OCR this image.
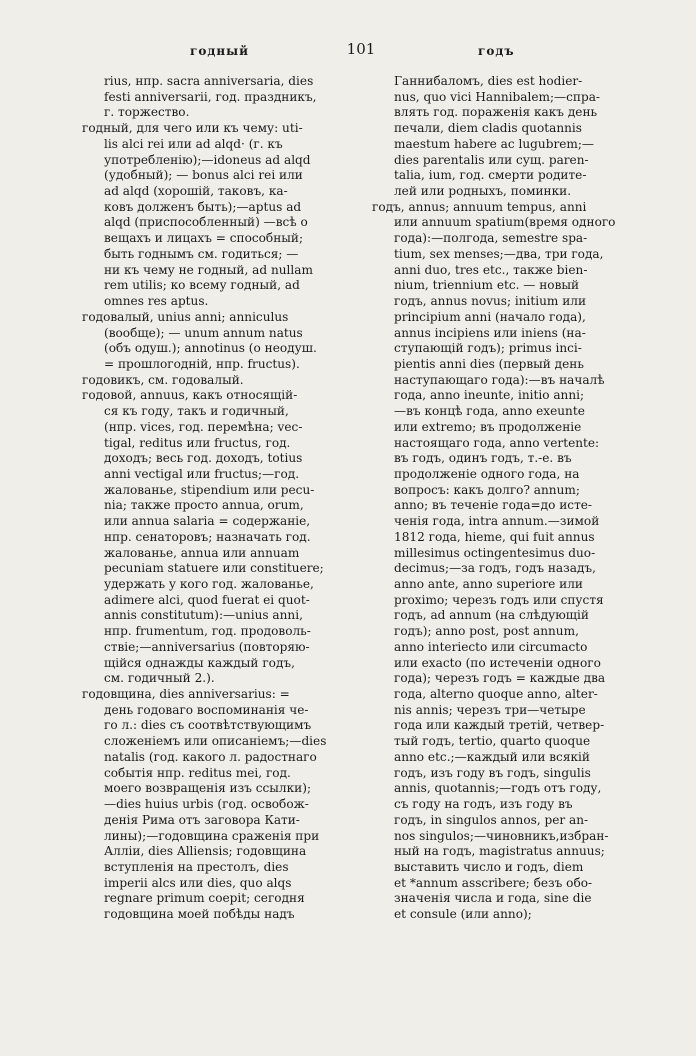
годный	101	годъ
rius, нпр. sacra anniversaria, dies
festi anniversarii, год. праздникъ,
г. торжество.
годный, для чего или къ чему: uti-
lis alci rei или ad alqd· (г. къ
употребленію);—idoneus ad alqd
(удобный); — bonus alci rei или
ad alqd (хорошій, таковъ, ка-
ковъ долженъ быть);—aptus ad
alqd (приспособленный) —всѣ о
вещахъ и лицахъ = способный;
быть годнымъ см. годиться; —
ни къ чему не годный, ad nullam
rem utilis; ко всему годный, ad
omnes res aptus.
годовалый, unius anni; anniculus
(вообще); — unum annum natus
(объ одуш.); annotinus (о неодуш.
= прошлогодній, нпр. fructus).
годовикъ, см. годовалый.
годовой, annuus, какъ относящій-
ся къ году, такъ и годичный,
(нпр. vices, год. перемѣна; vec-
tigal, reditus или fructus, год.
доходъ; весь год. доходъ, totius
anni vectigal или fructus;—год.
жалованье, stipendium или pecu-
nia; также просто annua, orum,
или annua salaria = содержаніе,
нпр. сенаторовъ; назначать год.
жалованье, annua или annuam
pecuniam statuere или constituere;
удержать у кого год. жалованье,
adimere alci, quod fuerat ei quot-
annis constitutum):—unius anni,
нпр. frumentum, год. продоволь-
ствіе;—anniversarius (повторяю-
щійся однажды каждый годъ,
см. годичный 2.).
годовщина, dies anniversarius: =
день годоваго воспоминанія че-
го л.: dies съ соотвѣтствующимъ
сложеніемъ или описаніемъ;—dies
natalis (год. какого л. радостнаго
событія нпр. reditus mei, год.
моего возвращенія изъ ссылки);
—dies huius urbis (год. освобож-
денія Рима отъ заговора Кати-
лины);—годовщина сраженія при
Алліи, dies Alliensis; годовщина
вступленія на престолъ, dies
imperii alcs или dies, quo alqs
regnare primum coepit; сегодня
годовщина моей побѣды надъ
Ганнибаломъ, dies est hodier-
nus, quo vici Hannibalem;—спра-
влять год. пораженія какъ день
печали, diem cladis quotannis
maestum habere ac lugubrem;—
dies parentalis или сущ. paren-
talia, ium, год. смерти родите-
лей или родныхъ, поминки.
годъ, annus; annuum tempus, anni
или annuum spatium(время одного
года):—полгода, semestre spa-
tium, sex menses;—два, три года,
anni duo, tres etc., также bien-
nium, triennium etc. — новый
годъ, annus novus; initium или
principium anni (начало года),
annus incipiens или iniens (на-
ступающій годъ); primus inci-
pientis anni dies (первый день
наступающаго года):—въ началѣ
года, anno ineunte, initio anni;
—въ концѣ года, anno exeunte
или extremo; въ продолженіе
настоящаго года, anno vertente:
въ годъ, одинъ годъ, т.-е. въ
продолженіе одного года, на
вопросъ: какъ долго? annum;
anno; въ теченіе года=до исте-
ченія года, intra annum.—зимой
1812 года, hieme, qui fuit annus
millesimus octingentesimus duo-
decimus;—за годъ, годъ назадъ,
anno ante, anno superiore или
proximo; черезъ годъ или спустя
годъ, ad annum (на слѣдующій
годъ); anno post, post annum,
anno interiecto или circumacto
или exacto (по истеченіи одного
года); черезъ годъ = каждые два
года, alterno quoque anno, alter-
nis annis; черезъ три—четыре
года или каждый третій, четвер-
тый годъ, tertio, quarto quoque
anno etc.;—каждый или всякій
годъ, изъ году въ годъ, singulis
annis, quotannis;—годъ отъ году,
съ году на годъ, изъ году въ
годъ, in singulos annos, per an-
nos singulos;—чиновникъ,избран-
ный на годъ, magistratus annuus;
выставить число и годъ, diem
et *annum asscribere; безъ обо-
значенія числа и года, sine die
et consule (или anno);
